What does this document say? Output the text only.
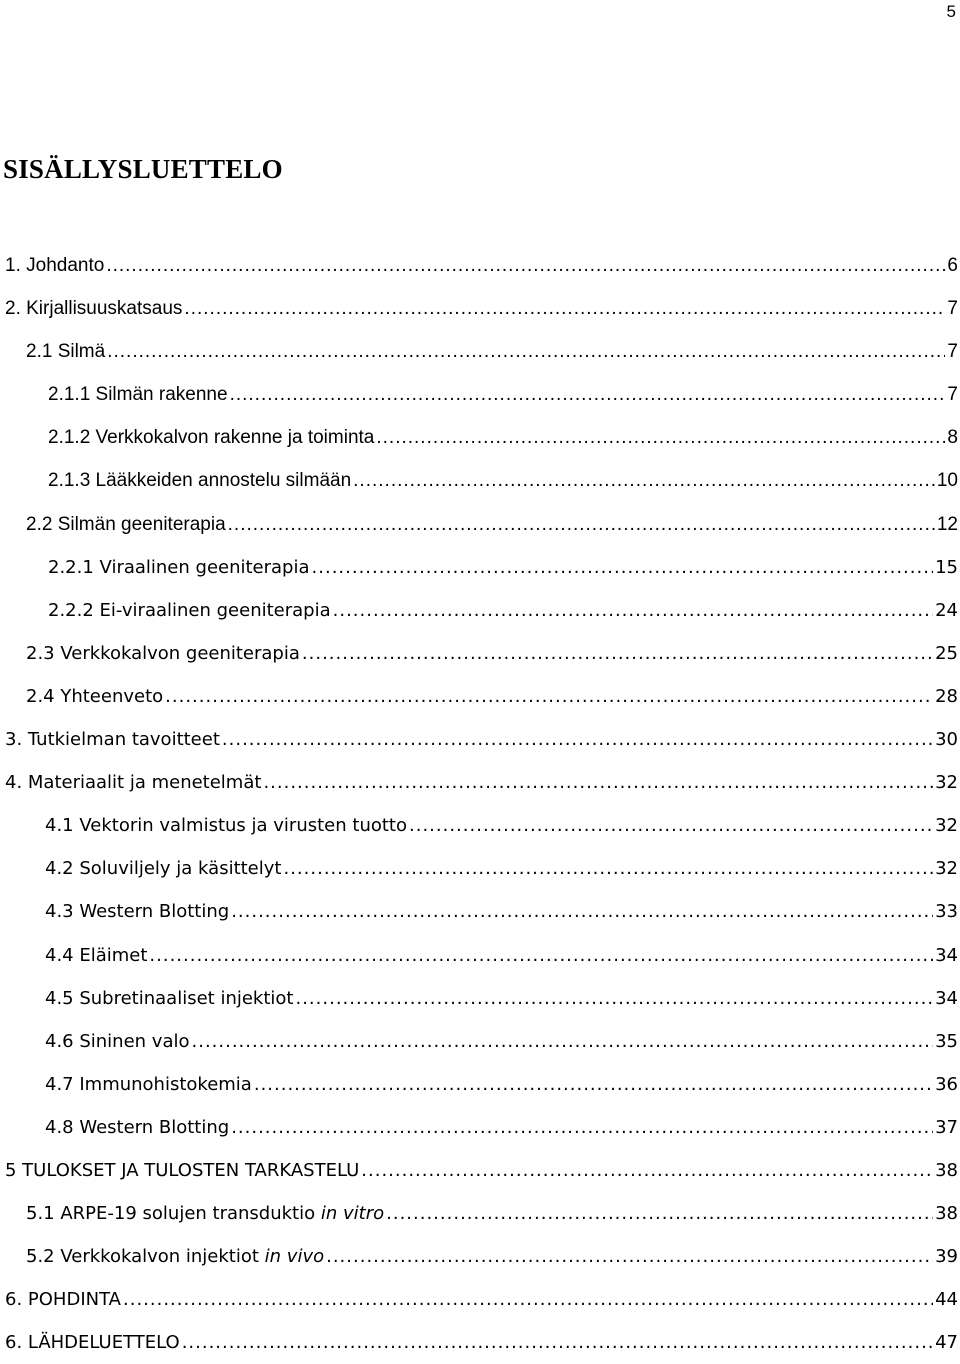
5
SISÄLLYSLUETTELO
1. Johdanto .....	6
2. Kirjallisuuskatsaus .....	7
2.1 Silmä .....	7
2.1.1 Silmän rakenne .....	7
2.1.2 Verkkokalvon rakenne ja toiminta .....	8
2.1.3 Lääkkeiden annostelu silmään .....	10
2.2 Silmän geeniterapia .....	12
2.2.1 Viraalinen geeniterapia .....	15
2.2.2 Ei-viraalinen geeniterapia .....	24
2.3 Verkkokalvon geeniterapia .....	25
2.4 Yhteenveto .....	28
3. Tutkielman tavoitteet .....	30
4. Materiaalit ja menetelmät .....	32
4.1 Vektorin valmistus ja virusten tuotto .....	32
4.2 Soluviljely ja käsittelyt .....	32
4.3 Western Blotting .....	33
4.4 Eläimet .....	34
4.5 Subretinaaliset injektiot .....	34
4.6 Sininen valo .....	35
4.7 Immunohistokemia .....	36
4.8 Western Blotting .....	37
5 TULOKSET JA TULOSTEN TARKASTELU .....	38
5.1 ARPE-19 solujen transduktio in vitro .....	38
5.2 Verkkokalvon injektiot in vivo .....	39
6. POHDINTA .....	44
6. LÄHDELUETTELO .....	47
